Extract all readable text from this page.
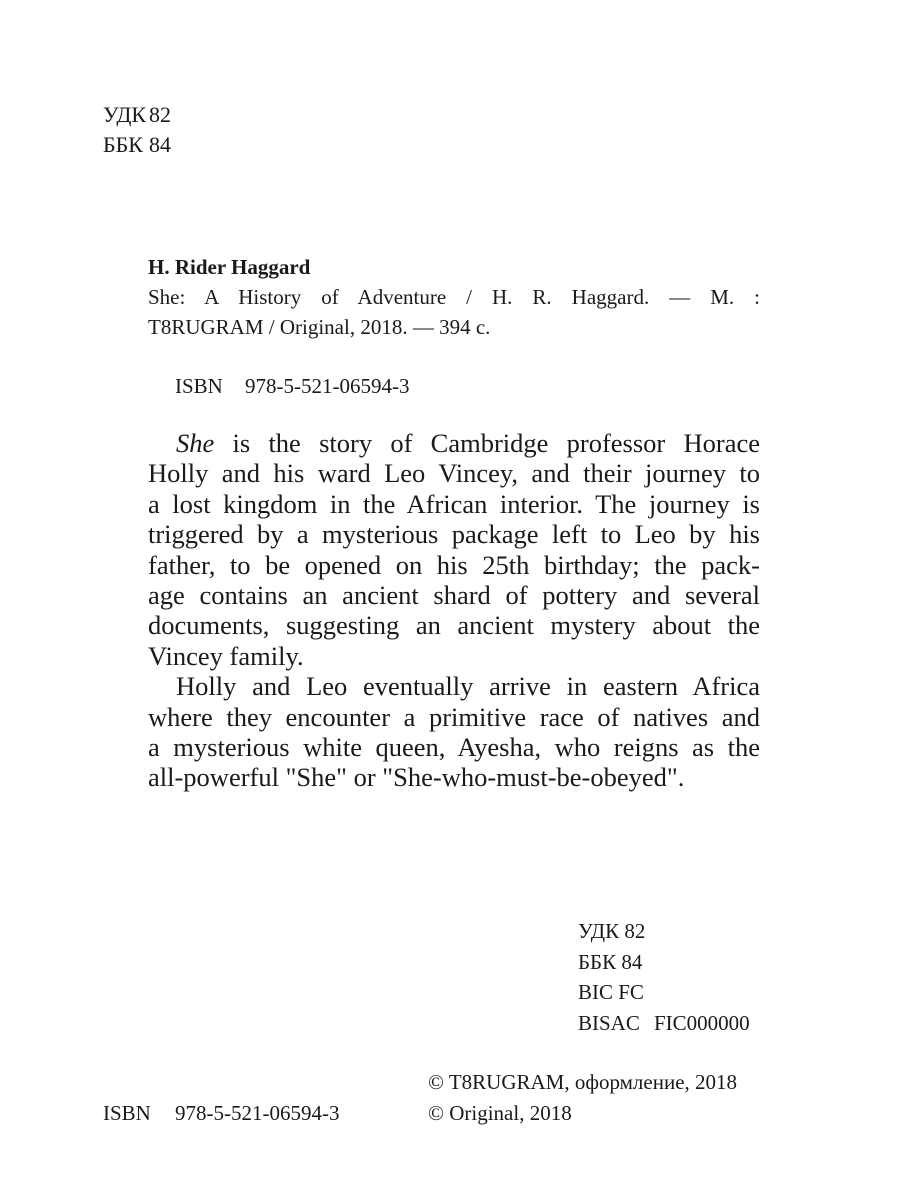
УДК 82
ББК 84
H. Rider Haggard
She: A History of Adventure / H. R. Haggard. — M. :
T8RUGRAM / Original, 2018. — 394 с.
ISBN 978-5-521-06594-3
She is the story of Cambridge professor Horace
Holly and his ward Leo Vincey, and their journey to
a lost kingdom in the African interior. The journey is
triggered by a mysterious package left to Leo by his
father, to be opened on his 25th birthday; the pack-
age contains an ancient shard of pottery and several
documents, suggesting an ancient mystery about the
Vincey family.
Holly and Leo eventually arrive in eastern Africa
where they encounter a primitive race of natives and
a mysterious white queen, Ayesha, who reigns as the
all-powerful "She" or "She-who-must-be-obeyed".
УДК 82
ББК 84
BIC FC
BISAC FIC000000
© T8RUGRAM, оформление, 2018
© Original, 2018
ISBN 978-5-521-06594-3
